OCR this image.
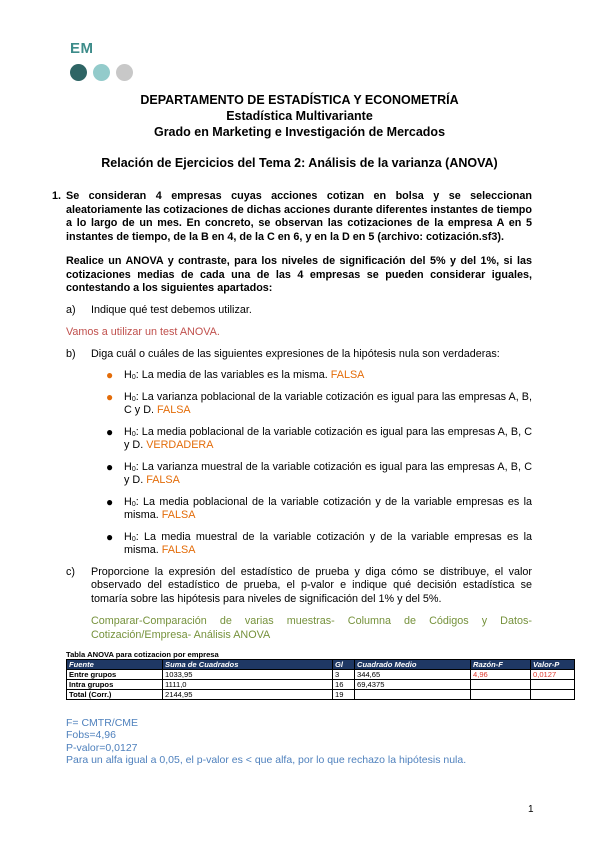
EM
DEPARTAMENTO DE ESTADÍSTICA Y ECONOMETRÍA
Estadística Multivariante
Grado en Marketing e Investigación de Mercados
Relación de Ejercicios del Tema 2: Análisis de la varianza (ANOVA)
1. Se consideran 4 empresas cuyas acciones cotizan en bolsa y se seleccionan aleatoriamente las cotizaciones de dichas acciones durante diferentes instantes de tiempo a lo largo de un mes. En concreto, se observan las cotizaciones de la empresa A en 5 instantes de tiempo, de la B en 4, de la C en 6, y en la D en 5 (archivo: cotización.sf3).

Realice un ANOVA y contraste, para los niveles de significación del 5% y del 1%, si las cotizaciones medias de cada una de las 4 empresas se pueden considerar iguales, contestando a los siguientes apartados:

a) Indique qué test debemos utilizar.
Vamos a utilizar un test ANOVA.
b) Diga cuál o cuáles de las siguientes expresiones de la hipótesis nula son verdaderas:
● $H_0$: La media de las variables es la misma. FALSA
● $H_0$: La varianza poblacional de la variable cotización es igual para las empresas A, B, C y D. FALSA
● $H_0$: La media poblacional de la variable cotización es igual para las empresas A, B, C y D. VERDADERA
● $H_0$: La varianza muestral de la variable cotización es igual para las empresas A, B, C y D. FALSA
● $H_0$: La media poblacional de la variable cotización y de la variable empresas es la misma. FALSA
● $H_0$: La media muestral de la variable cotización y de la variable empresas es la misma. FALSA
c) Proporcione la expresión del estadístico de prueba y diga cómo se distribuye, el valor observado del estadístico de prueba, el p-valor e indique qué decisión estadística se tomaría sobre las hipótesis para niveles de significación del 1% y del 5%.
Comparar-Comparación de varias muestras- Columna de Códigos y Datos-Cotización/Empresa- Análisis ANOVA
Tabla ANOVA para cotizacion por empresa
Fuente	Suma de Cuadrados	Gl	Cuadrado Medio	Razón-F	Valor-P
Entre grupos	1033,95	3	344,65	4,96	0,0127
Intra grupos	1111,0	16	69,4375		
Total (Corr.)	2144,95	19			
F= CMTR/CME
Fobs=4,96
P-valor=0,0127
Para un alfa igual a 0,05, el p-valor es < que alfa, por lo que rechazo la hipótesis nula.
1
